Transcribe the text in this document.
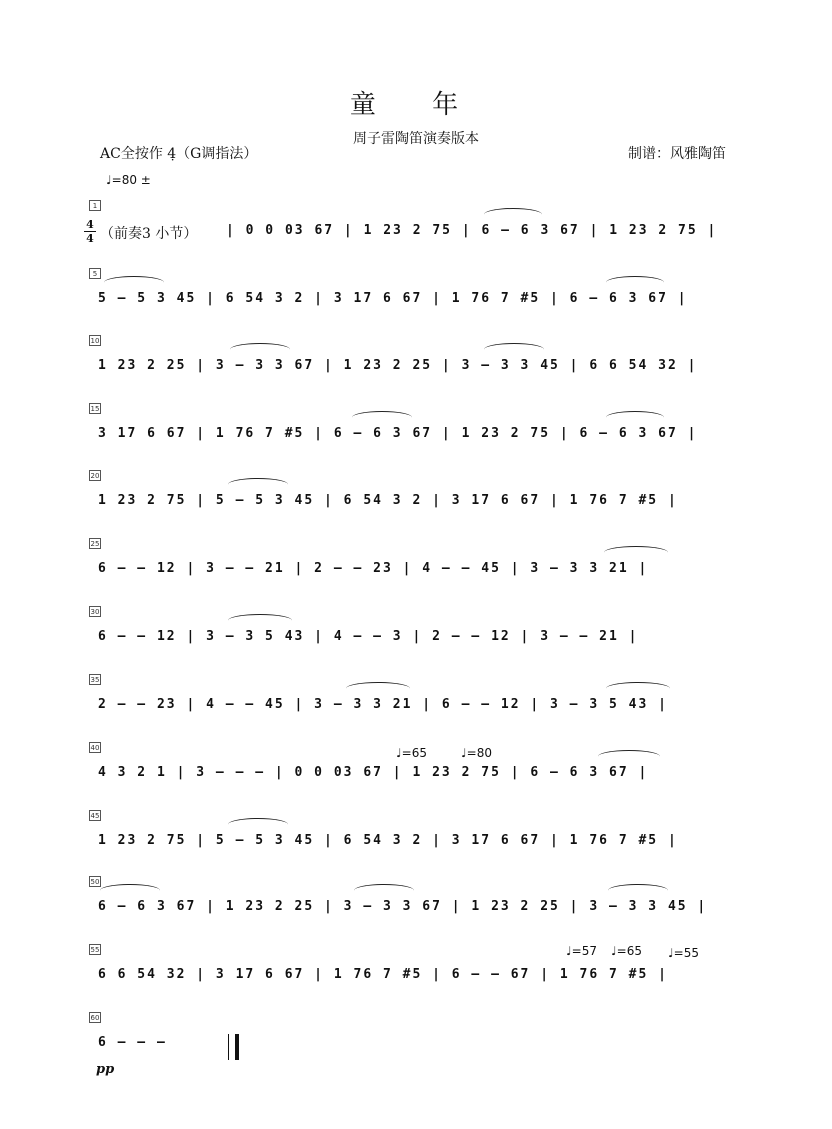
童 年
周子雷陶笛演奏版本
AC全按作 4̣（G调指法）	制谱：风雅陶笛
♩=80 ±
1
4
4 （前奏3 小节） | 0 0 03 67 | 1 23 2 75 | 6 – 6 3 67 | 1 23 2 75 |
5
5 – 5 3 45 | 6 54 3 2 | 3 17 6 67 | 1 76 7 #5 | 6 – 6 3 67 |
10
1 23 2 25 | 3 – 3 3 67 | 1 23 2 25 | 3 – 3 3 45 | 6 6 54 32 |
15
3 17 6 67 | 1 76 7 #5 | 6 – 6 3 67 | 1 23 2 75 | 6 – 6 3 67 |
20
1 23 2 75 | 5 – 5 3 45 | 6 54 3 2 | 3 17 6 67 | 1 76 7 #5 |
25
6 – – 12 | 3 – – 21 | 2 – – 23 | 4 – – 45 | 3 – 3 3 21 |
30
6 – – 12 | 3 – 3 5 43 | 4 – – 3 | 2 – – 12 | 3 – – 21 |
35
2 – – 23 | 4 – – 45 | 3 – 3 3 21 | 6 – – 12 | 3 – 3 5 43 |
40	♩=65	♩=80
4 3 2 1 | 3 – – – | 0 0 03 67 | 1 23 2 75 | 6 – 6 3 67 |
45
1 23 2 75 | 5 – 5 3 45 | 6 54 3 2 | 3 17 6 67 | 1 76 7 #5 |
50
6 – 6 3 67 | 1 23 2 25 | 3 – 3 3 67 | 1 23 2 25 | 3 – 3 3 45 |
55	♩=57 ♩=65 ♩=55
6 6 54 32 | 3 17 6 67 | 1 76 7 #5 | 6 – – 67 | 1 76 7 #5 |
60
6 – – –
pp
